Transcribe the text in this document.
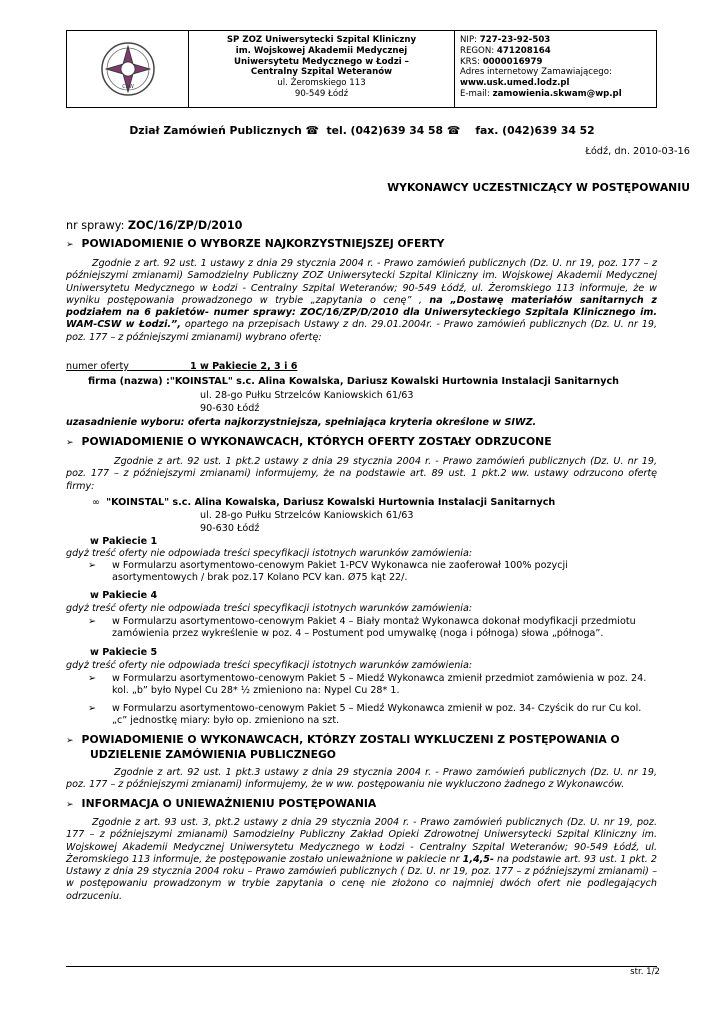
CSW
SP ZOZ Uniwersytecki Szpital Kliniczny
im. Wojskowej Akademii Medycznej
Uniwersytetu Medycznego w Łodzi –
Centralny Szpital Weteranów
ul. Żeromskiego 113
90-549 Łódź
NIP: 727-23-92-503
REGON: 471208164
KRS: 0000016979
Adres internetowy Zamawiającego:
www.usk.umed.lodz.pl
E-mail: zamowienia.skwam@wp.pl
Dział Zamówień Publicznych ☎  tel. (042)639 34 58 ☎    fax. (042)639 34 52
Łódź, dn. 2010-03-16
WYKONAWCY UCZESTNICZĄCY W POSTĘPOWANIU
nr sprawy: ZOC/16/ZP/D/2010
➢ POWIADOMIENIE O WYBORZE NAJKORZYSTNIEJSZEJ OFERTY
Zgodnie z art. 92 ust. 1 ustawy z dnia 29 stycznia 2004 r. - Prawo zamówień publicznych (Dz. U. nr 19, poz. 177 – z późniejszymi zmianami) Samodzielny Publiczny ZOZ Uniwersytecki Szpital Kliniczny im. Wojskowej Akademii Medycznej Uniwersytetu Medycznego w Łodzi - Centralny Szpital Weteranów; 90-549 Łódź, ul. Żeromskiego 113 informuje, że w wyniku postępowania prowadzonego w trybie „zapytania o cenę” , na „Dostawę materiałów sanitarnych z podziałem na 6 pakietów- numer sprawy: ZOC/16/ZP/D/2010 dla Uniwersyteckiego Szpitala Klinicznego im. WAM-CSW w Łodzi.”, opartego na przepisach Ustawy z dn. 29.01.2004r. - Prawo zamówień publicznych (Dz. U. nr 19, poz. 177 – z późniejszymi zmianami) wybrano ofertę:
numer oferty	1 w Pakiecie 2, 3 i 6
firma (nazwa) :"KOINSTAL" s.c. Alina Kowalska, Dariusz Kowalski Hurtownia Instalacji Sanitarnych
ul. 28-go Pułku Strzelców Kaniowskich 61/63
90-630 Łódź
uzasadnienie wyboru: oferta najkorzystniejsza, spełniająca kryteria określone w SIWZ.
➢ POWIADOMIENIE O WYKONAWCACH, KTÓRYCH OFERTY ZOSTAŁY ODRZUCONE
Zgodnie z art. 92 ust. 1 pkt.2 ustawy z dnia 29 stycznia 2004 r. - Prawo zamówień publicznych (Dz. U. nr 19, poz. 177 – z późniejszymi zmianami) informujemy, że na podstawie art. 89 ust. 1 pkt.2 ww. ustawy odrzucono ofertę firmy:
∞  "KOINSTAL" s.c. Alina Kowalska, Dariusz Kowalski Hurtownia Instalacji Sanitarnych
ul. 28-go Pułku Strzelców Kaniowskich 61/63
90-630 Łódź
w Pakiecie 1
gdyż treść oferty nie odpowiada treści specyfikacji istotnych warunków zamówienia:
➢ w Formularzu asortymentowo-cenowym Pakiet 1-PCV Wykonawca nie zaoferował 100% pozycji
asortymentowych / brak poz.17 Kolano PCV kan. Ø75 kąt 22/.
w Pakiecie 4
gdyż treść oferty nie odpowiada treści specyfikacji istotnych warunków zamówienia:
➢ w Formularzu asortymentowo-cenowym Pakiet 4 – Biały montaż Wykonawca dokonał modyfikacji przedmiotu
zamówienia przez wykreślenie w poz. 4 – Postument pod umywalkę (noga i półnoga) słowa „półnoga”.
w Pakiecie 5
gdyż treść oferty nie odpowiada treści specyfikacji istotnych warunków zamówienia:
➢ w Formularzu asortymentowo-cenowym Pakiet 5 – Miedź Wykonawca zmienił przedmiot zamówienia w poz. 24.
kol. „b” było Nypel Cu 28* ½ zmieniono na: Nypel Cu 28* 1.
➢ w Formularzu asortymentowo-cenowym Pakiet 5 – Miedź Wykonawca zmienił w poz. 34- Czyścik do rur Cu kol.
„c” jednostkę miary: było op. zmieniono na szt.
➢ POWIADOMIENIE O WYKONAWCACH, KTÓRZY ZOSTALI WYKLUCZENI Z POSTĘPOWANIA O
UDZIELENIE ZAMÓWIENIA PUBLICZNEGO
Zgodnie z art. 92 ust. 1 pkt.3 ustawy z dnia 29 stycznia 2004 r. - Prawo zamówień publicznych (Dz. U. nr 19, poz. 177 – z późniejszymi zmianami) informujemy, że w ww. postępowaniu nie wykluczono żadnego z Wykonawców.
➢ INFORMACJA O UNIEWAŻNIENIU POSTĘPOWANIA
Zgodnie z art. 93 ust. 3, pkt.2 ustawy z dnia 29 stycznia 2004 r. - Prawo zamówień publicznych (Dz. U. nr 19, poz. 177 – z późniejszymi zmianami) Samodzielny Publiczny Zakład Opieki Zdrowotnej Uniwersytecki Szpital Kliniczny im. Wojskowej Akademii Medycznej Uniwersytetu Medycznego w Łodzi - Centralny Szpital Weteranów; 90-549 Łódź, ul. Żeromskiego 113 informuje, że postępowanie zostało unieważnione w pakiecie nr 1,4,5- na podstawie art. 93 ust. 1 pkt. 2 Ustawy z dnia 29 stycznia 2004 roku – Prawo zamówień publicznych ( Dz. U. nr 19, poz. 177 – z późniejszymi zmianami) – w postępowaniu prowadzonym w trybie zapytania o cenę nie złożono co najmniej dwóch ofert nie podlegających odrzuceniu.
str. 1/2
